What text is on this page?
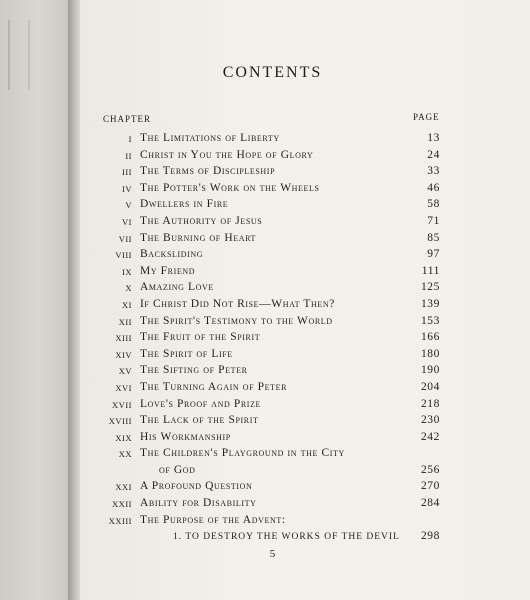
CONTENTS
CHAPTER	PAGE
I The Limitations of Liberty	13
II Christ in You the Hope of Glory	24
III The Terms of Discipleship	33
IV The Potter's Work on the Wheels	46
V Dwellers in Fire	58
VI The Authority of Jesus	71
VII The Burning of Heart	85
VIII Backsliding	97
IX My Friend	111
X Amazing Love	125
XI If Christ Did Not Rise—What Then?	139
XII The Spirit's Testimony to the World	153
XIII The Fruit of the Spirit	166
XIV The Spirit of Life	180
XV The Sifting of Peter	190
XVI The Turning Again of Peter	204
XVII Love's Proof and Prize	218
XVIII The Lack of the Spirit	230
XIX His Workmanship	242
XX The Children's Playground in the City
of God	256
XXI A Profound Question	270
XXII Ability for Disability	284
XXIII The Purpose of the Advent:
1. TO DESTROY THE WORKS OF THE DEVIL 298
5
